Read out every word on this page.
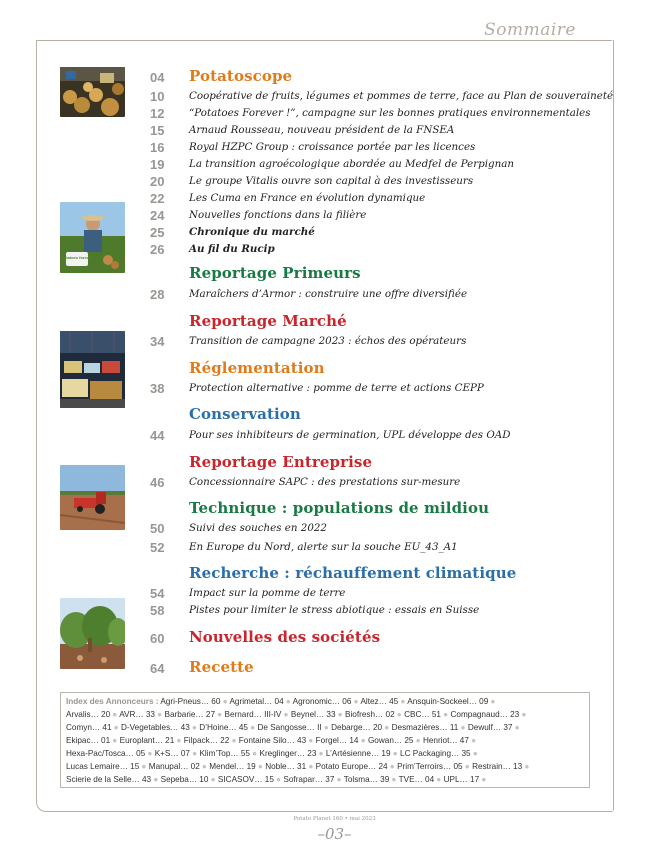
Sommaire
potatoes forever
04	Potatoscope
10	Coopérative de fruits, légumes et pommes de terre, face au Plan de souveraineté
12	“Potatoes Forever !”, campagne sur les bonnes pratiques environnementales
15	Arnaud Rousseau, nouveau président de la FNSEA
16	Royal HZPC Group : croissance portée par les licences
19	La transition agroécologique abordée au Medfel de Perpignan
20	Le groupe Vitalis ouvre son capital à des investisseurs
22	Les Cuma en France en évolution dynamique
24	Nouvelles fonctions dans la filière
25	Chronique du marché
26	Au fil du Rucip
Reportage Primeurs
28	Maraîchers d’Armor : construire une offre diversifiée
Reportage Marché
34	Transition de campagne 2023 : échos des opérateurs
Réglementation
38	Protection alternative : pomme de terre et actions CEPP
Conservation
44	Pour ses inhibiteurs de germination, UPL développe des OAD
Reportage Entreprise
46	Concessionnaire SAPC : des prestations sur-mesure
Technique : populations de mildiou
50	Suivi des souches en 2022
52	En Europe du Nord, alerte sur la souche EU_43_A1
Recherche : réchauffement climatique
54	Impact sur la pomme de terre
58	Pistes pour limiter le stress abiotique : essais en Suisse
60	Nouvelles des sociétés
64	Recette
Index des Annonceurs : Agri-Pneus… 60 ● Agrimetal… 04 ● Agronomic… 06 ● Altez… 45 ● Ansquin-Sockeel… 09 ●
Arvalis… 20 ● AVR… 33 ● Barbarie… 27 ● Bernard… III-IV ● Beynel… 33 ● Biofresh… 02 ● CBC… 51 ● Compagnaud… 23 ●
Comyn… 41 ● D-Vegetables… 43 ● D’Hoine… 45 ● De Sangosse… II ● Debarge… 20 ● Desmazières… 11 ● Dewulf… 37 ●
Ekipac… 01 ● Europlant… 21 ● Filpack… 22 ● Fontaine Silo… 43 ● Forgel… 14 ● Gowan… 25 ● Henriot… 47 ●
Hexa-Pac/Tosca… 05 ● K+S… 07 ● Klim’Top… 55 ● Kreglinger… 23 ● L’Artésienne… 19 ● LC Packaging… 35 ●
Lucas Lemaire… 15 ● Manupal… 02 ● Mendel… 19 ● Noble… 31 ● Potato Europe… 24 ● Prim’Terroirs… 05 ● Restrain… 13 ●
Scierie de la Selle… 43 ● Sepeba… 10 ● SICASOV… 15 ● Sofrapar… 37 ● Tolsma… 39 ● TVE… 04 ● UPL… 17 ●
Potato Planet 160 • mai 2023
–03–
